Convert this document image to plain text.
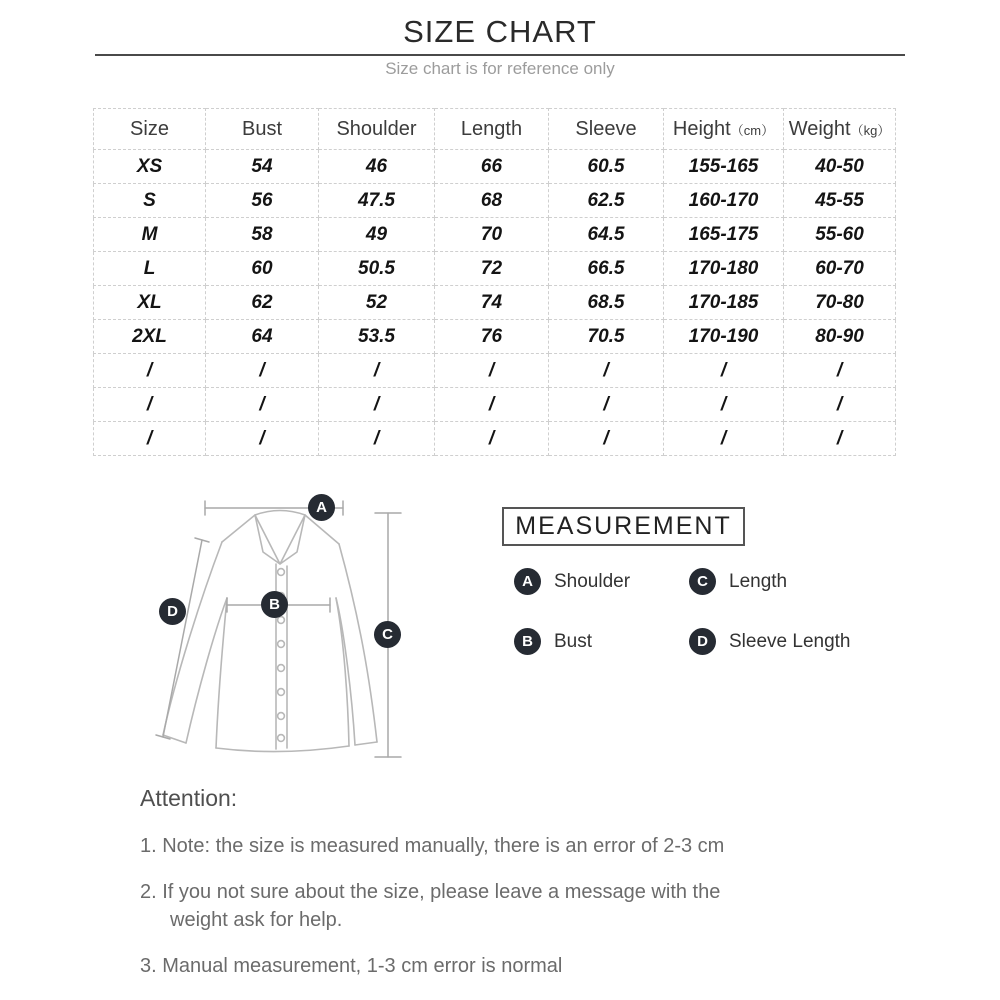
SIZE CHART
Size chart is for reference only
Size	Bust	Shoulder	Length	Sleeve	Height（cm）	Weight（kg）
XS	54	46	66	60.5	155-165	40-50
S	56	47.5	68	62.5	160-170	45-55
M	58	49	70	64.5	165-175	55-60
L	60	50.5	72	66.5	170-180	60-70
XL	62	52	74	68.5	170-185	70-80
2XL	64	53.5	76	70.5	170-190	80-90
/	/	/	/	/	/	/
/	/	/	/	/	/	/
/	/	/	/	/	/	/
A
B
C
D
MEASUREMENT
A	Shoulder	C	Length
B	Bust	D	Sleeve Length
Attention:
1. Note: the size is measured manually, there is an error of 2-3 cm
2. If you not sure about the size, please leave a message with the
weight ask for help.
3. Manual measurement, 1-3 cm error is normal
